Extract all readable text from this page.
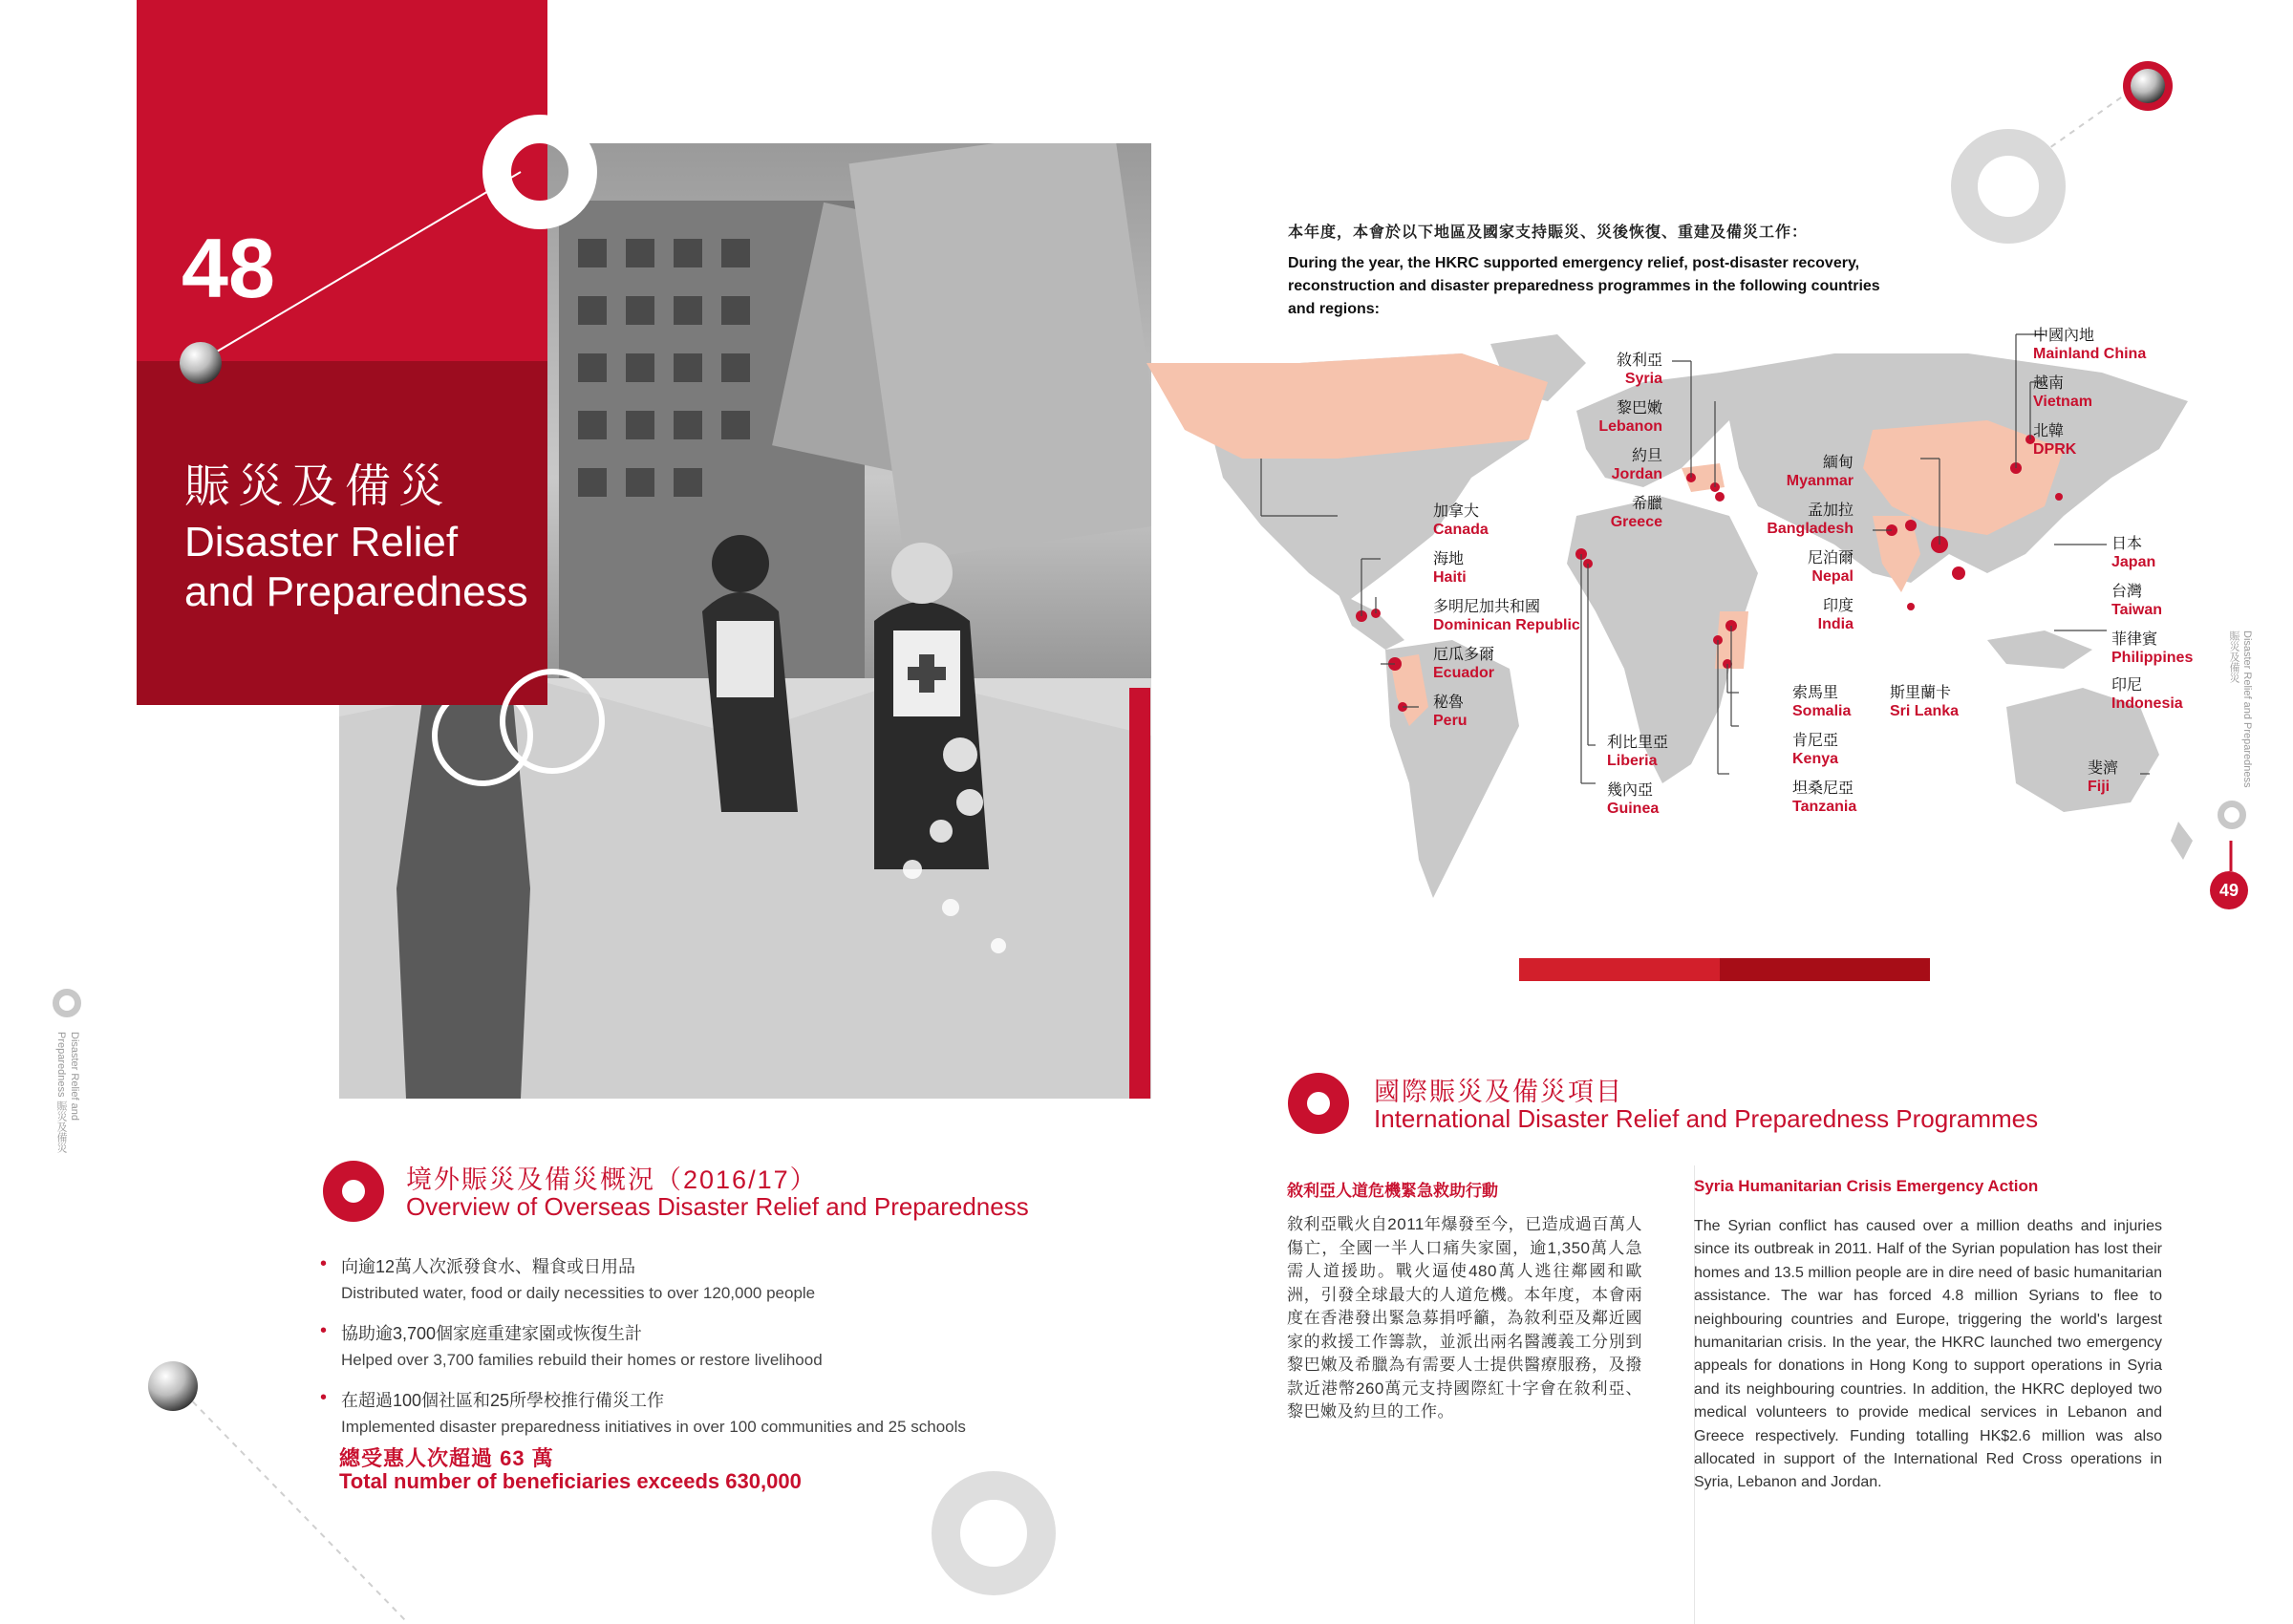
48
賑災及備災
Disaster Relief
and Preparedness
Disaster Relief and Preparedness 賑災及備災
境外賑災及備災概況（2016/17）
Overview of Overseas Disaster Relief and Preparedness
• 向逾12萬人次派發食水、糧食或日用品
Distributed water, food or daily necessities to over 120,000 people
• 協助逾3,700個家庭重建家園或恢復生計
Helped over 3,700 families rebuild their homes or restore livelihood
• 在超過100個社區和25所學校推行備災工作
Implemented disaster preparedness initiatives in over 100 communities and 25 schools
總受惠人次超過 63 萬
Total number of beneficiaries exceeds 630,000
本年度，本會於以下地區及國家支持賑災、災後恢復、重建及備災工作：
During the year, the HKRC supported emergency relief, post-disaster recovery, reconstruction and disaster preparedness programmes in the following countries and regions:
敘利亞
Syria
黎巴嫩
Lebanon
約旦
Jordan
希臘
Greece
加拿大
Canada
海地
Haiti
多明尼加共和國
Dominican Republic
厄瓜多爾
Ecuador
秘魯
Peru
利比里亞
Liberia
幾內亞
Guinea
索馬里
Somalia
肯尼亞
Kenya
坦桑尼亞
Tanzania
緬甸
Myanmar
孟加拉
Bangladesh
尼泊爾
Nepal
印度
India
斯里蘭卡
Sri Lanka
中國內地
Mainland China
越南
Vietnam
北韓
DPRK
日本
Japan
台灣
Taiwan
菲律賓
Philippines
印尼
Indonesia
斐濟
Fiji
國際賑災及備災項目
International Disaster Relief and Preparedness Programmes
敘利亞人道危機緊急救助行動	Syria Humanitarian Crisis Emergency Action
敘利亞戰火自2011年爆發至今，已造成過百萬人傷亡，全國一半人口痛失家園，逾1,350萬人急需人道援助。戰火逼使480萬人逃往鄰國和歐洲，引發全球最大的人道危機。本年度，本會兩度在香港發出緊急募捐呼籲，為敘利亞及鄰近國家的救援工作籌款，並派出兩名醫護義工分別到黎巴嫩及希臘為有需要人士提供醫療服務，及撥款近港幣260萬元支持國際紅十字會在敘利亞、黎巴嫩及約旦的工作。
The Syrian conflict has caused over a million deaths and injuries since its outbreak in 2011. Half of the Syrian population has lost their homes and 13.5 million people are in dire need of basic humanitarian assistance. The war has forced 4.8 million Syrians to flee to neighbouring countries and Europe, triggering the world's largest humanitarian crisis. In the year, the HKRC launched two emergency appeals for donations in Hong Kong to support operations in Syria and its neighbouring countries. In addition, the HKRC deployed two medical volunteers to provide medical services in Lebanon and Greece respectively. Funding totalling HK$2.6 million was also allocated in support of the International Red Cross operations in Syria, Lebanon and Jordan.
Disaster Relief and Preparedness 賑災及備災
49
